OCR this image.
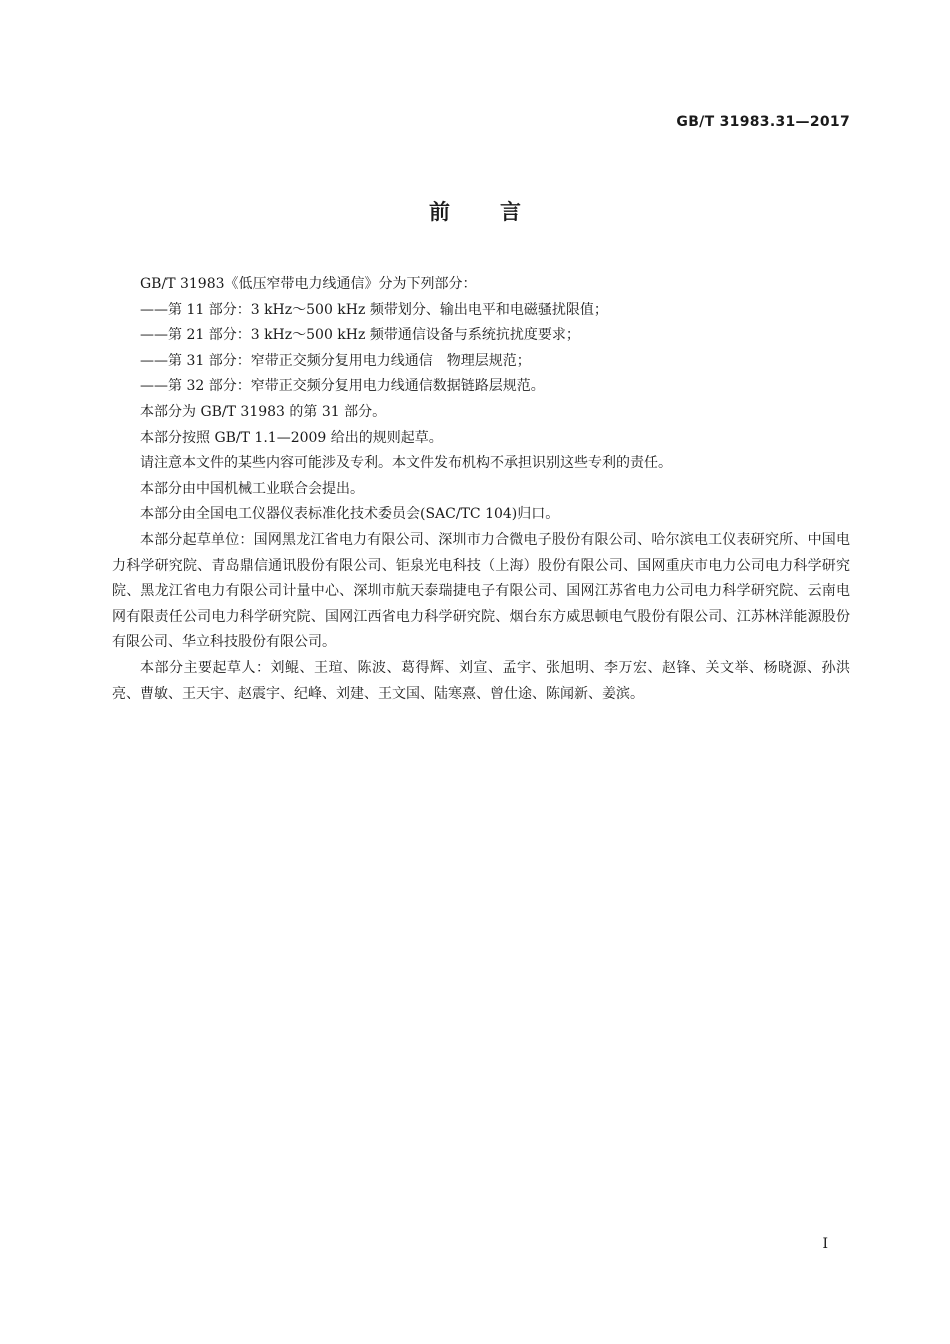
GB/T 31983.31—2017
前言

GB/T 31983《低压窄带电力线通信》分为下列部分：

——第 11 部分：3 kHz～500 kHz 频带划分、输出电平和电磁骚扰限值；

——第 21 部分：3 kHz～500 kHz 频带通信设备与系统抗扰度要求；

——第 31 部分：窄带正交频分复用电力线通信　物理层规范；

——第 32 部分：窄带正交频分复用电力线通信数据链路层规范。

本部分为 GB/T 31983 的第 31 部分。

本部分按照 GB/T 1.1—2009 给出的规则起草。

请注意本文件的某些内容可能涉及专利。本文件发布机构不承担识别这些专利的责任。

本部分由中国机械工业联合会提出。

本部分由全国电工仪器仪表标准化技术委员会(SAC/TC 104)归口。

本部分起草单位：国网黑龙江省电力有限公司、深圳市力合微电子股份有限公司、哈尔滨电工仪表研究所、中国电力科学研究院、青岛鼎信通讯股份有限公司、钜泉光电科技（上海）股份有限公司、国网重庆市电力公司电力科学研究院、黑龙江省电力有限公司计量中心、深圳市航天泰瑞捷电子有限公司、国网江苏省电力公司电力科学研究院、云南电网有限责任公司电力科学研究院、国网江西省电力科学研究院、烟台东方威思顿电气股份有限公司、江苏林洋能源股份有限公司、华立科技股份有限公司。

本部分主要起草人：刘鲲、王瑄、陈波、葛得辉、刘宣、孟宇、张旭明、李万宏、赵锋、关文举、杨晓源、孙洪亮、曹敏、王天宇、赵震宇、纪峰、刘建、王文国、陆寒熹、曾仕途、陈闻新、姜滨。

I
